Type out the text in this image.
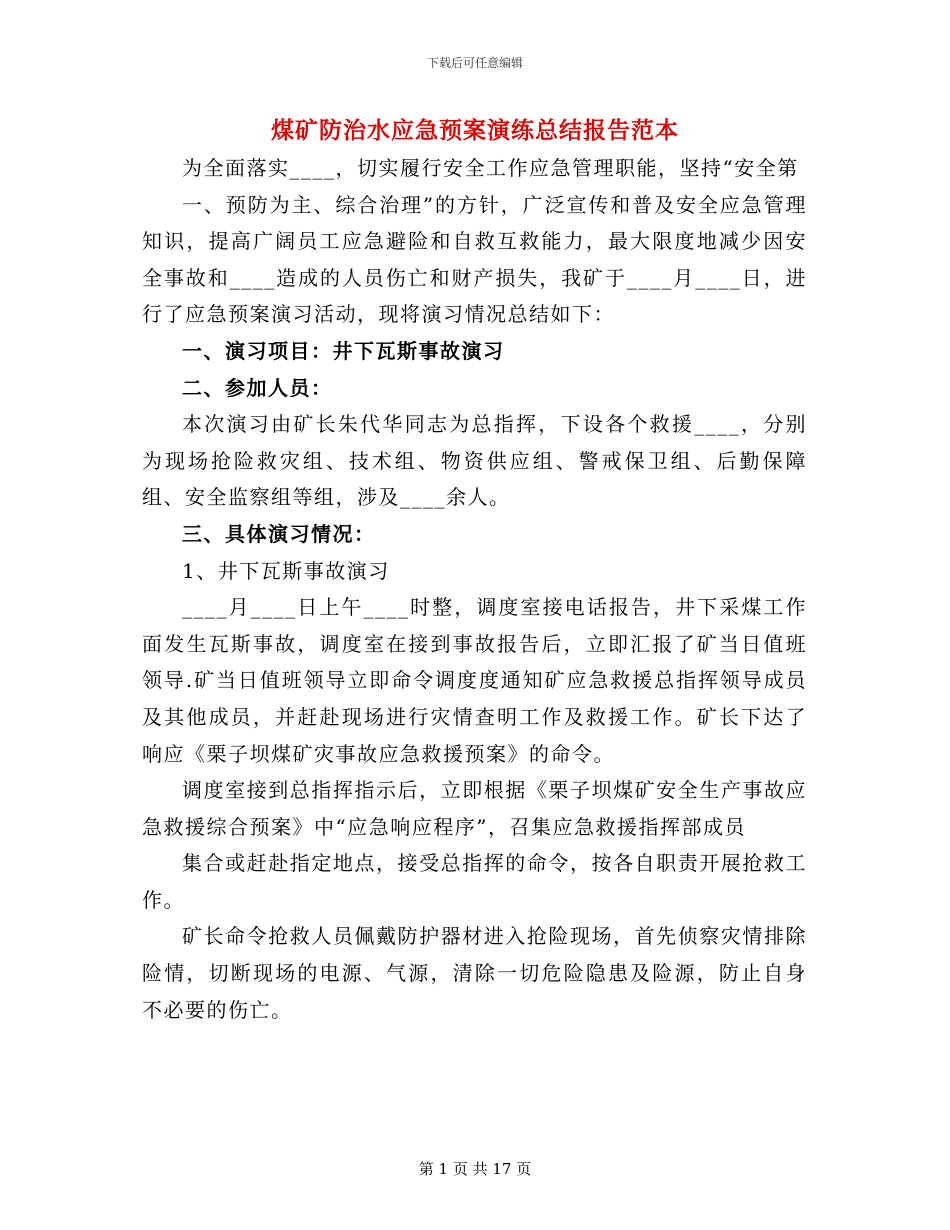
下载后可任意编辑
煤矿防治水应急预案演练总结报告范本

为全面落实____，切实履行安全工作应急管理职能，坚持“安全第

一、预防为主、综合治理”的方针，广泛宣传和普及安全应急管理知识，提高广阔员工应急避险和自救互救能力，最大限度地减少因安全事故和____造成的人员伤亡和财产损失，我矿于____月____日，进行了应急预案演习活动，现将演习情况总结如下：

一、演习项目：井下瓦斯事故演习

二、参加人员：

本次演习由矿长朱代华同志为总指挥，下设各个救援____，分别为现场抢险救灾组、技术组、物资供应组、警戒保卫组、后勤保障组、安全监察组等组，涉及____余人。

三、具体演习情况：

1、井下瓦斯事故演习

____月____日上午____时整，调度室接电话报告，井下采煤工作面发生瓦斯事故，调度室在接到事故报告后，立即汇报了矿当日值班领导.矿当日值班领导立即命令调度度通知矿应急救援总指挥领导成员及其他成员，并赶赴现场进行灾情查明工作及救援工作。矿长下达了响应《栗子坝煤矿灾事故应急救援预案》的命令。

调度室接到总指挥指示后，立即根据《栗子坝煤矿安全生产事故应急救援综合预案》中“应急响应程序”，召集应急救援指挥部成员

集合或赶赴指定地点，接受总指挥的命令，按各自职责开展抢救工作。

矿长命令抢救人员佩戴防护器材进入抢险现场，首先侦察灾情排除险情，切断现场的电源、气源，清除一切危险隐患及险源，防止自身不必要的伤亡。

第 1 页 共 17 页
